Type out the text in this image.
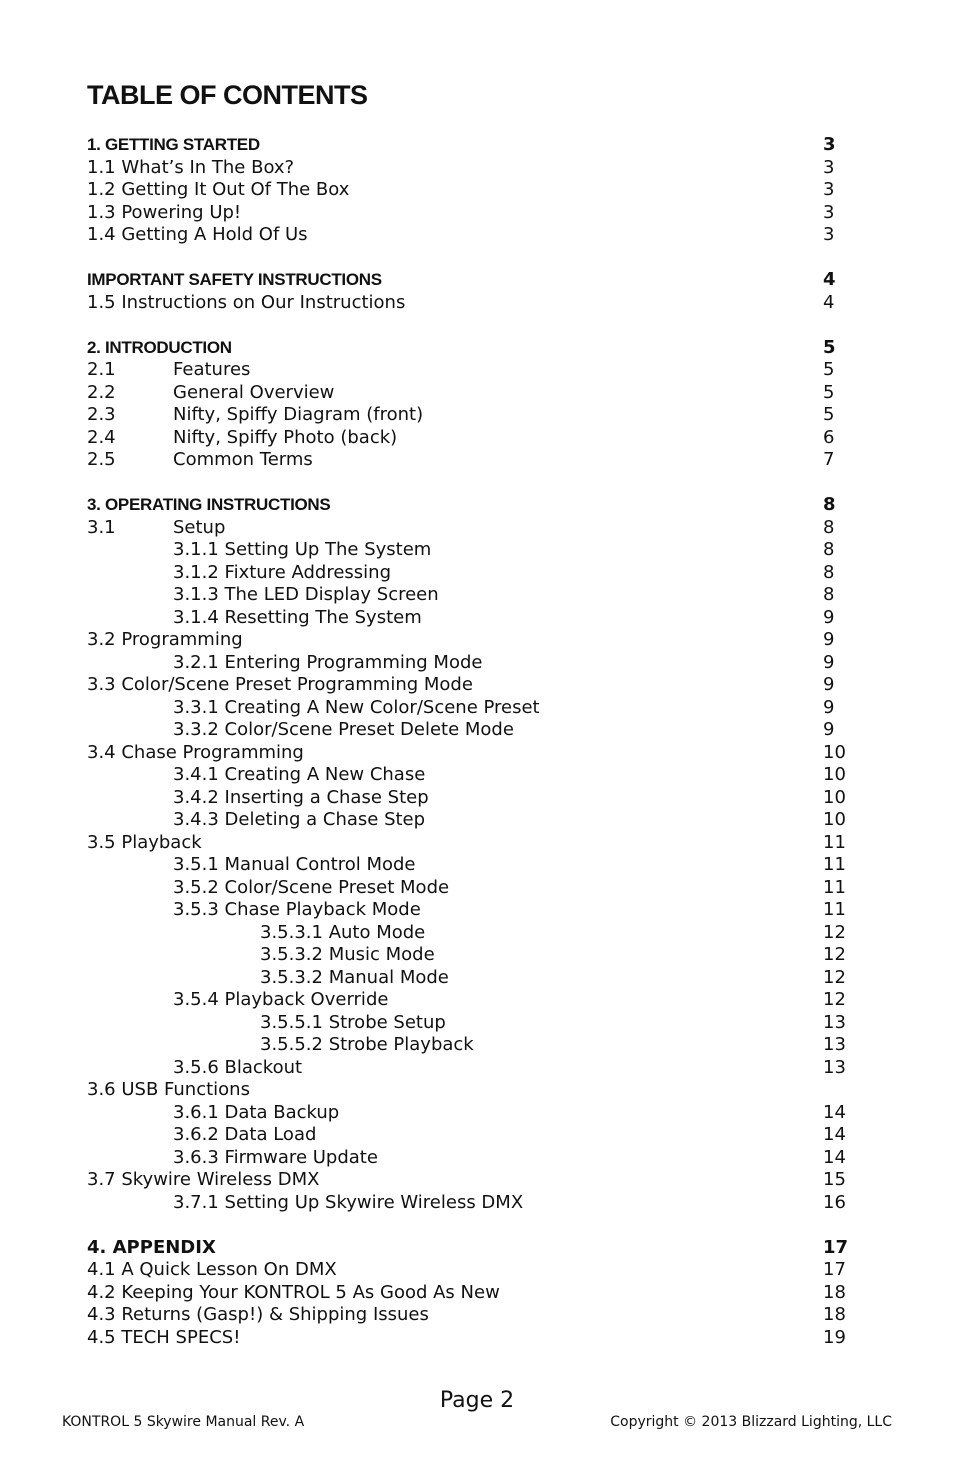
TABLE OF CONTENTS
1. GETTING STARTED	3
1.1 What’s In The Box?	3
1.2 Getting It Out Of The Box	3
1.3 Powering Up!	3
1.4 Getting A Hold Of Us	3
IMPORTANT SAFETY INSTRUCTIONS	4
1.5 Instructions on Our Instructions	4
2. INTRODUCTION	5
2.1	Features	5
2.2	General Overview	5
2.3	Nifty, Spiffy Diagram (front)	5
2.4	Nifty, Spiffy Photo (back)	6
2.5	Common Terms	7
3. OPERATING INSTRUCTIONS	8
3.1	Setup	8
3.1.1 Setting Up The System	8
3.1.2 Fixture Addressing	8
3.1.3 The LED Display Screen	8
3.1.4 Resetting The System	9
3.2 Programming	9
3.2.1 Entering Programming Mode	9
3.3 Color/Scene Preset Programming Mode	9
3.3.1 Creating A New Color/Scene Preset	9
3.3.2 Color/Scene Preset Delete Mode	9
3.4 Chase Programming	10
3.4.1 Creating A New Chase	10
3.4.2 Inserting a Chase Step	10
3.4.3 Deleting a Chase Step	10
3.5 Playback	11
3.5.1 Manual Control Mode	11
3.5.2 Color/Scene Preset Mode	11
3.5.3 Chase Playback Mode	11
3.5.3.1 Auto Mode	12
3.5.3.2 Music Mode	12
3.5.3.2 Manual Mode	12
3.5.4 Playback Override	12
3.5.5.1 Strobe Setup	13
3.5.5.2 Strobe Playback	13
3.5.6 Blackout	13
3.6 USB Functions
3.6.1 Data Backup	14
3.6.2 Data Load	14
3.6.3 Firmware Update	14
3.7 Skywire Wireless DMX	15
3.7.1 Setting Up Skywire Wireless DMX	16
4. APPENDIX	17
4.1 A Quick Lesson On DMX	17
4.2 Keeping Your KONTROL 5 As Good As New	18
4.3 Returns (Gasp!) & Shipping Issues	18
4.5 TECH SPECS!	19
Page 2
KONTROL 5 Skywire Manual Rev. A	Copyright © 2013 Blizzard Lighting, LLC
